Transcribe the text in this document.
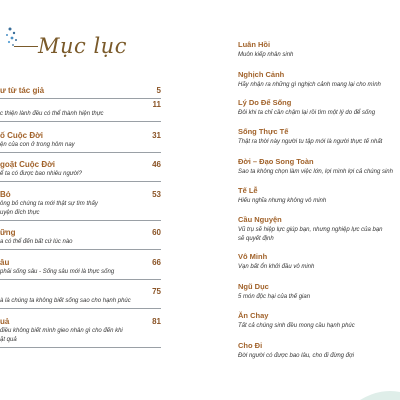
Mục lục
ư từ tác giả	5
11
c thiện lành đều có thể thành hiện thực
ố Cuộc Đời	31
ện của con ở trong hôm nay
goặt Cuộc Đời	46
ể ta có được bao nhiêu người?
Bỏ	53
ông bỏ chúng ta mới thật sự tìm thấy
uyện đích thực
ững	60
a có thể đến bất cứ lúc nào
âu	66
phải sống sâu - Sống sâu mới là thực sống
75
à là chúng ta không biết sống sao cho hạnh phúc
uả	81
điều không biết mình gieo nhân gì cho đến khi
ặt quả
Luân Hồi
Muôn kiếp nhân sinh
Nghịch Cảnh
Hãy nhận ra những gì nghịch cảnh mang lại cho mình
Lý Do Để Sống
Đôi khi ta chỉ cần chậm lại rồi tìm một lý do để sống
Sống Thực Tế
Thật ra thời này người tu tập mới là người thực tế nhất
Đời – Đạo Song Toàn
Sao ta không chọn làm việc lớn, lợi mình lợi cả chúng sinh
Tế Lễ
Hiếu nghĩa nhưng không vô minh
Cầu Nguyện
Vũ trụ sẽ hiệp lực giúp bạn, nhưng nghiệp lực của bạn
sẽ quyết định
Vô Minh
Vạn bất ổn khởi đầu vô minh
Ngũ Dục
5 món độc hại của thế gian
Ăn Chay
Tất cả chúng sinh đều mong cầu hạnh phúc
Cho Đi
Đời người có được bao lâu, cho đi đừng đợi
